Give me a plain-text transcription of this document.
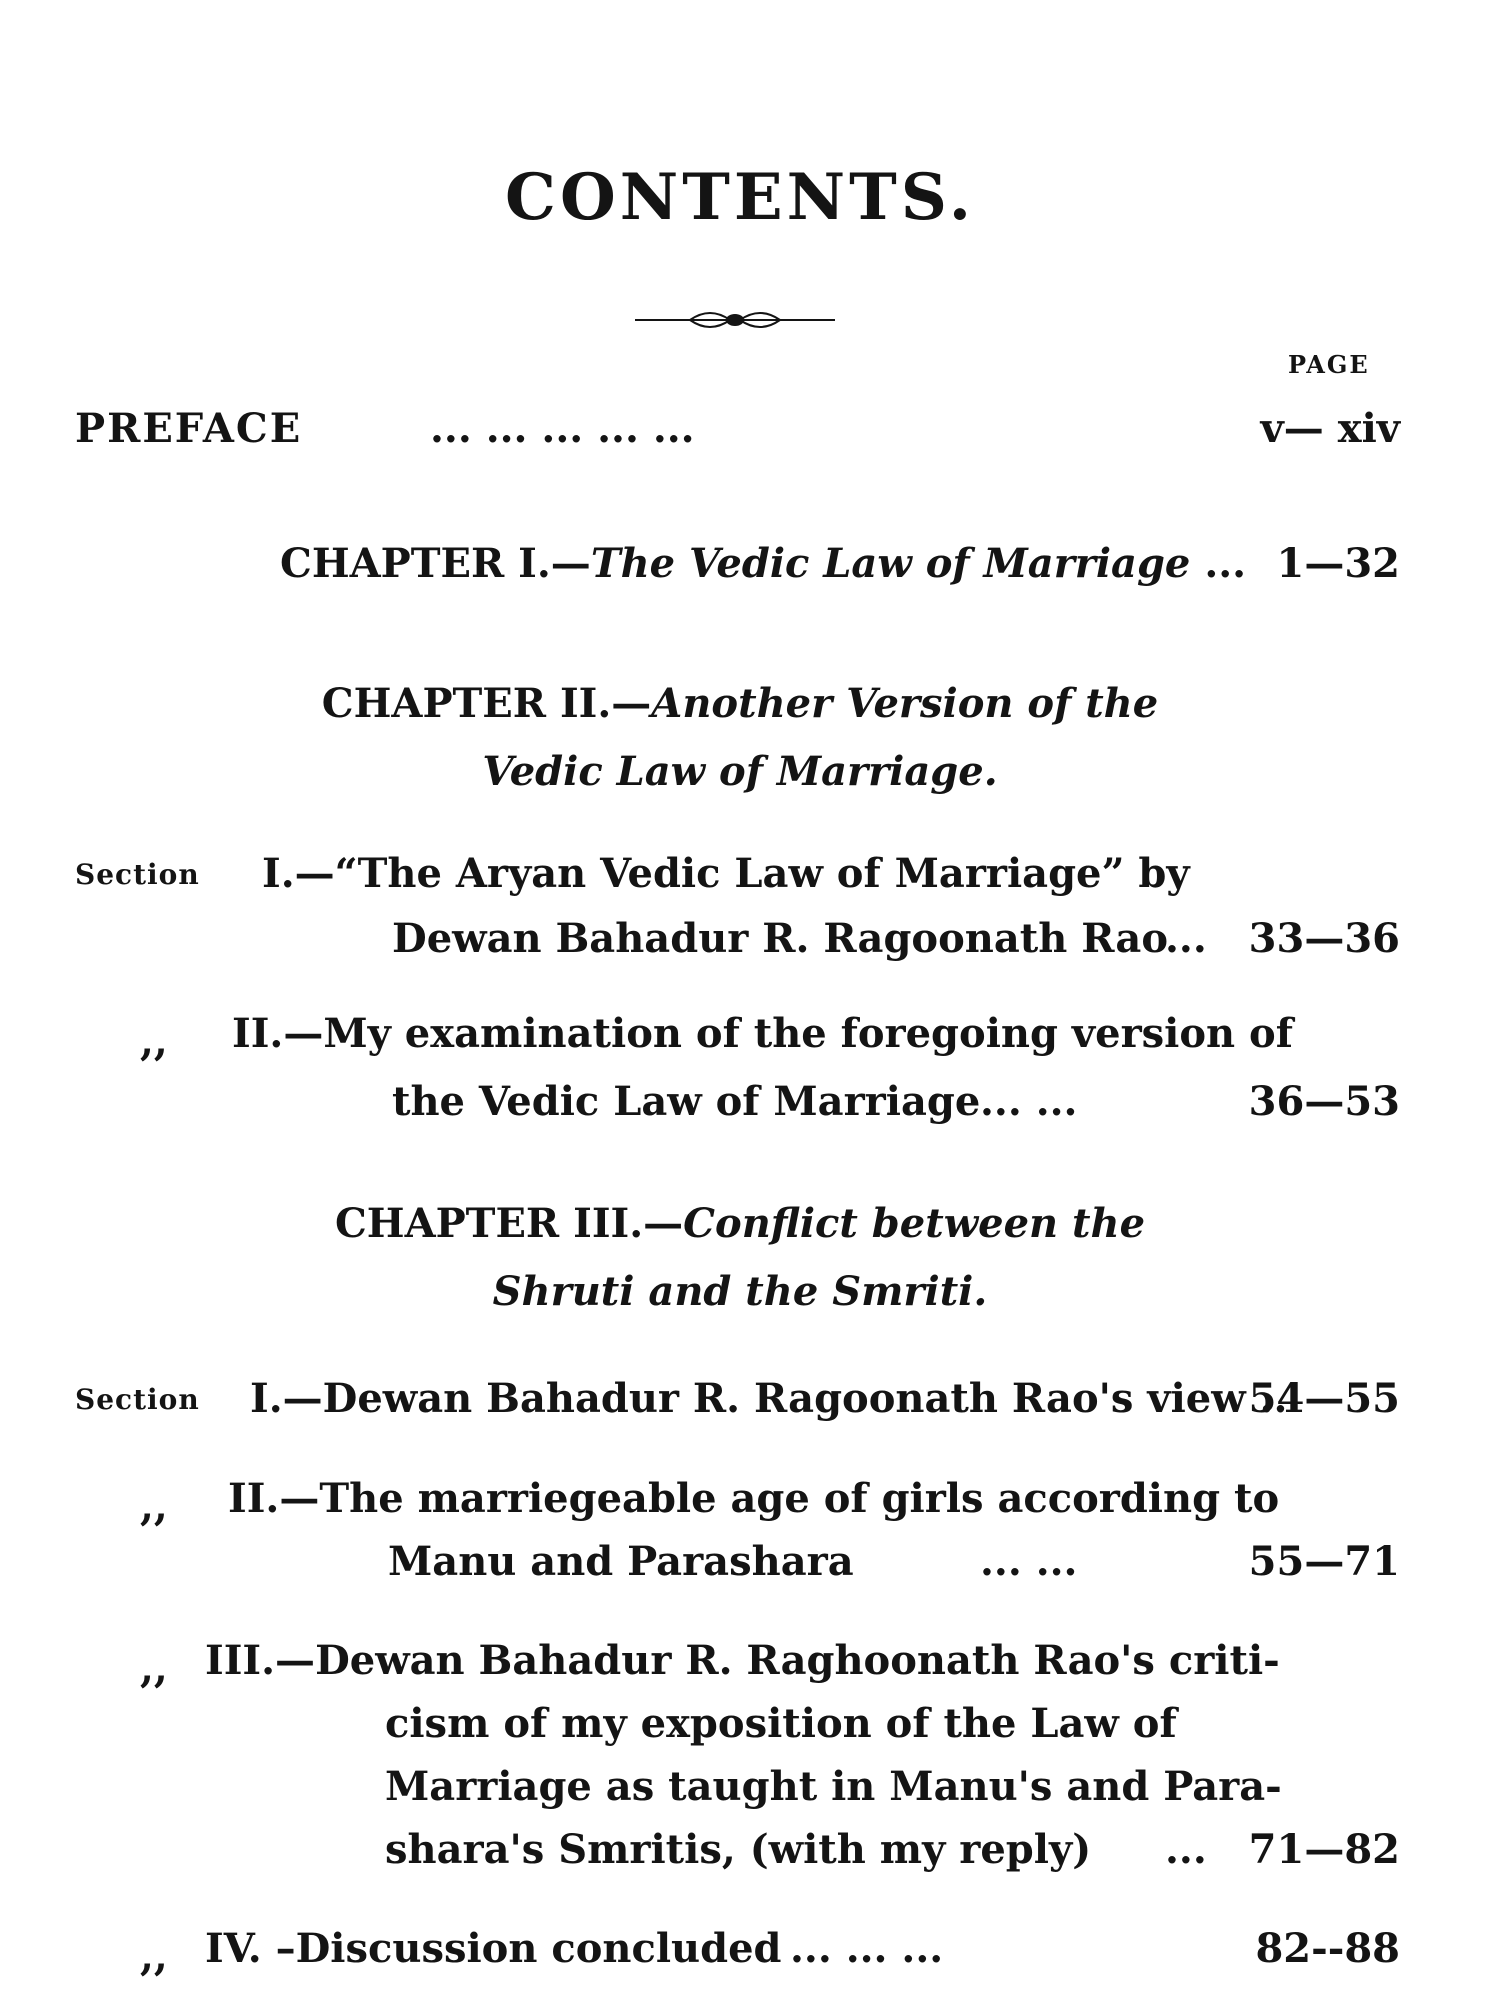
CONTENTS.
PAGE
PREFACE	... ... ... ... ...	v— xiv
CHAPTER I.—The Vedic Law of Marriage ... 1—32
CHAPTER II.—Another Version of the
Vedic Law of Marriage.
Section I.—“The Aryan Vedic Law of Marriage” by
Dewan Bahadur R. Ragoonath Rao
...	33—36
,, II.—My examination of the foregoing version of
the Vedic Law of Marriage ... ...	36—53
CHAPTER III.—Conflict between the
Shruti and the Smriti.
Section I.—Dewan Bahadur R. Ragoonath Rao's view ..
54—55
,, II.—The marriegeable age of girls according to
Manu and Parashara	... ...	55—71
,, III.—Dewan Bahadur R. Raghoonath Rao's criti-
cism of my exposition of the Law of
Marriage as taught in Manu's and Para-
shara's Smritis, (with my reply) ...	71—82
,, IV. –Discussion concluded ... ... ...	82--88
